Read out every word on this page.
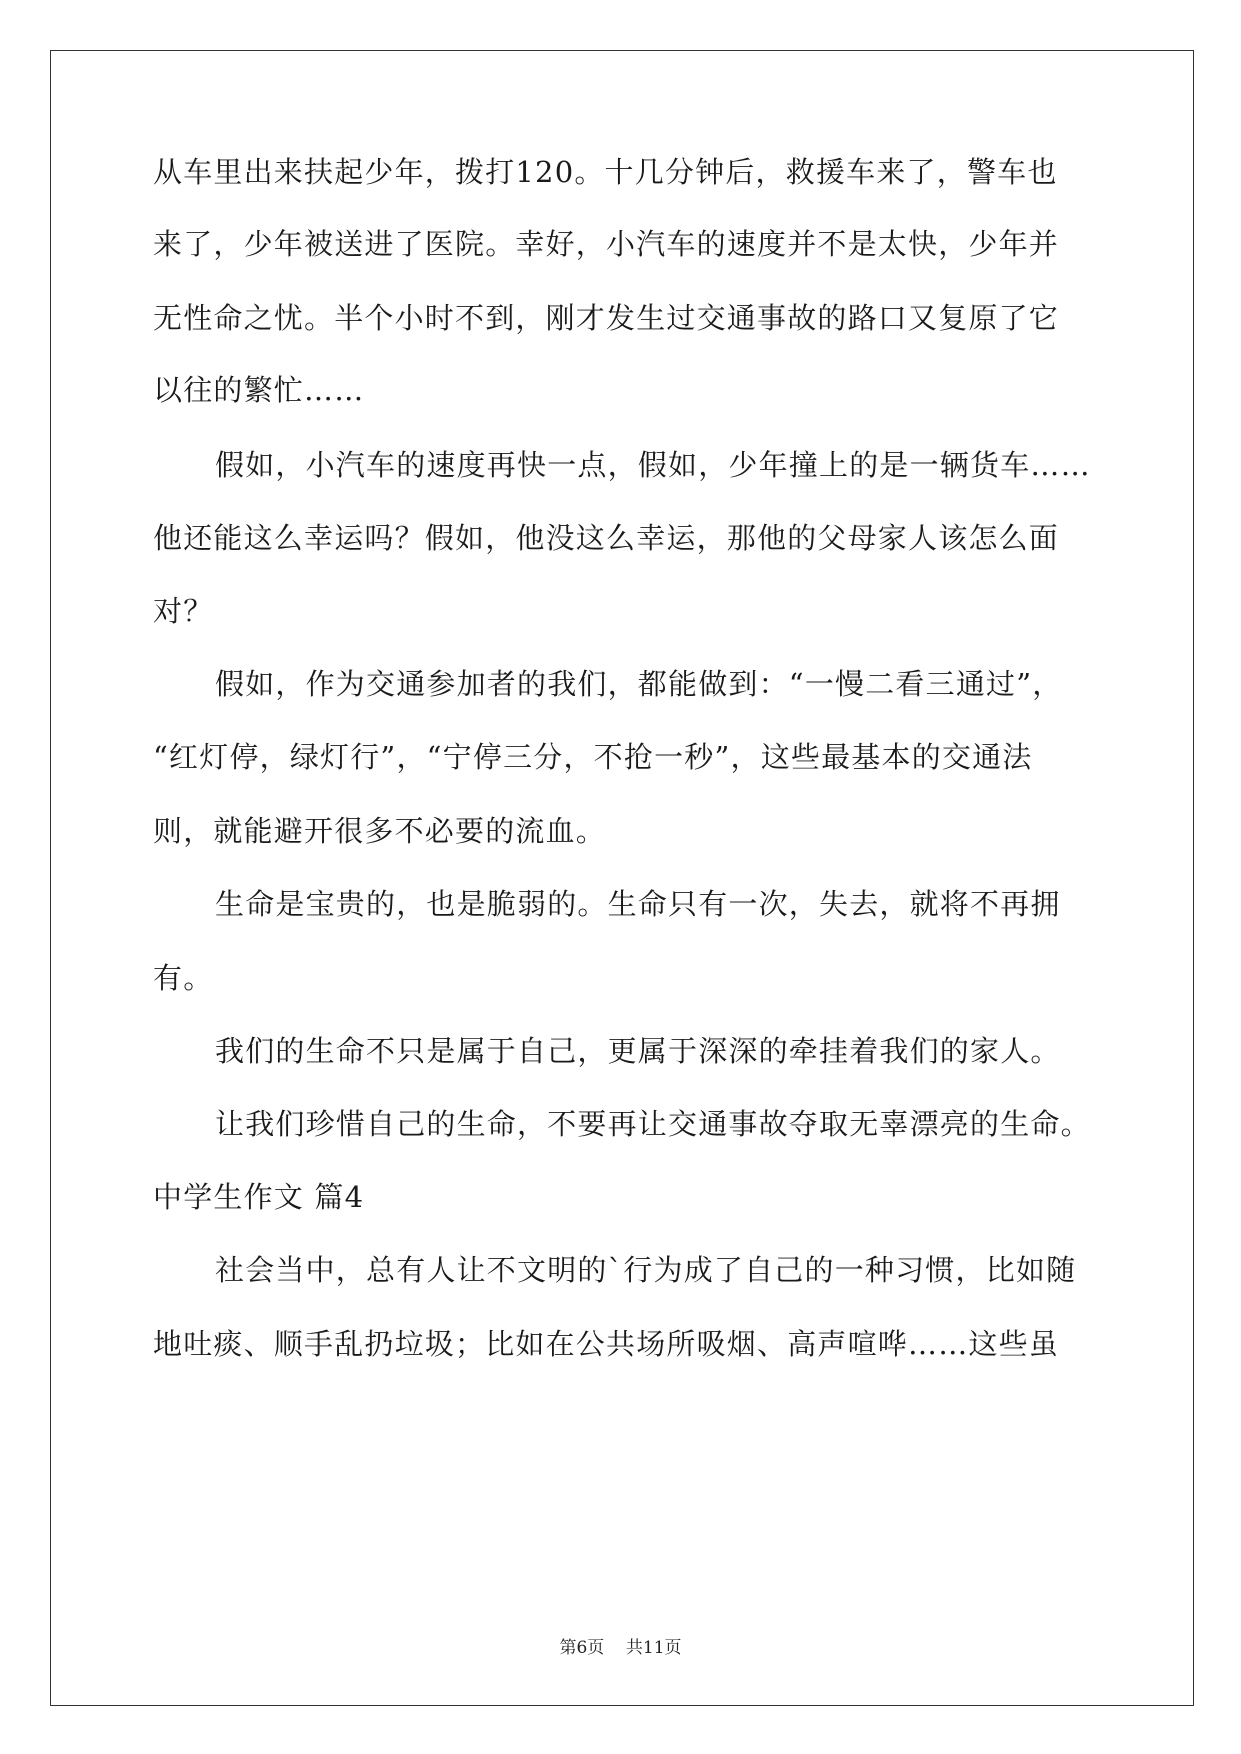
从车里出来扶起少年，拨打120。十几分钟后，救援车来了，警车也
来了，少年被送进了医院。幸好，小汽车的速度并不是太快，少年并
无性命之忧。半个小时不到，刚才发生过交通事故的路口又复原了它
以往的繁忙……
假如，小汽车的速度再快一点，假如，少年撞上的是一辆货车……
他还能这么幸运吗？假如，他没这么幸运，那他的父母家人该怎么面
对？
假如，作为交通参加者的我们，都能做到：“一慢二看三通过”，
“红灯停，绿灯行”，“宁停三分，不抢一秒”，这些最基本的交通法
则，就能避开很多不必要的流血。
生命是宝贵的，也是脆弱的。生命只有一次，失去，就将不再拥
有。
我们的生命不只是属于自己，更属于深深的牵挂着我们的家人。
让我们珍惜自己的生命，不要再让交通事故夺取无辜漂亮的生命。
中学生作文 篇4
社会当中，总有人让不文明的`行为成了自己的一种习惯，比如随
地吐痰、顺手乱扔垃圾；比如在公共场所吸烟、高声喧哗……这些虽
第6页 共11页
